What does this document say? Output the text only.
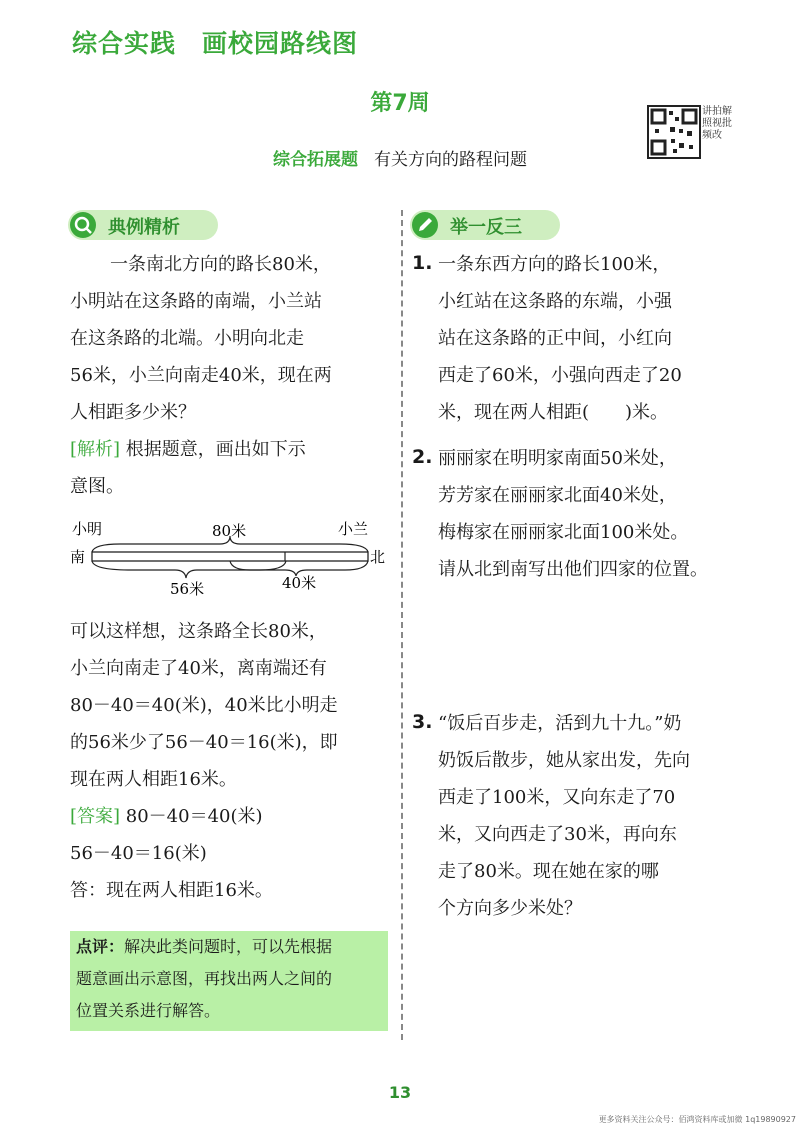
综合实践　 画校园路线图
第7周
综合拓展题 有关方向的路程问题
讲拍解照视批频改
典例精析
一条南北方向的路长80米，
小明站在这条路的南端，小兰站
在这条路的北端。小明向北走
56米，小兰向南走40米，现在两
人相距多少米？
[解析] 根据题意，画出如下示
意图。
小明
南
80米	小兰
北
56米	40米
可以这样想，这条路全长80米，
小兰向南走了40米，离南端还有
80－40＝40(米)，40米比小明走
的56米少了56－40＝16(米)，即
现在两人相距16米。
[答案] 80－40＝40(米)
56－40＝16(米)
答：现在两人相距16米。
点评：解决此类问题时，可以先根据
题意画出示意图，再找出两人之间的
位置关系进行解答。
举一反三
1. 一条东西方向的路长100米，
小红站在这条路的东端，小强
站在这条路的正中间，小红向
西走了60米，小强向西走了20
米，现在两人相距(　　)米。
2. 丽丽家在明明家南面50米处，
芳芳家在丽丽家北面40米处，
梅梅家在丽丽家北面100米处。
请从北到南写出他们四家的位置。
3. “饭后百步走，活到九十九。”奶
奶饭后散步，她从家出发，先向
西走了100米，又向东走了70
米，又向西走了30米，再向东
走了80米。现在她在家的哪
个方向多少米处？
13
更多资料关注公众号：佰鸿资料库或加微 1q19890927
